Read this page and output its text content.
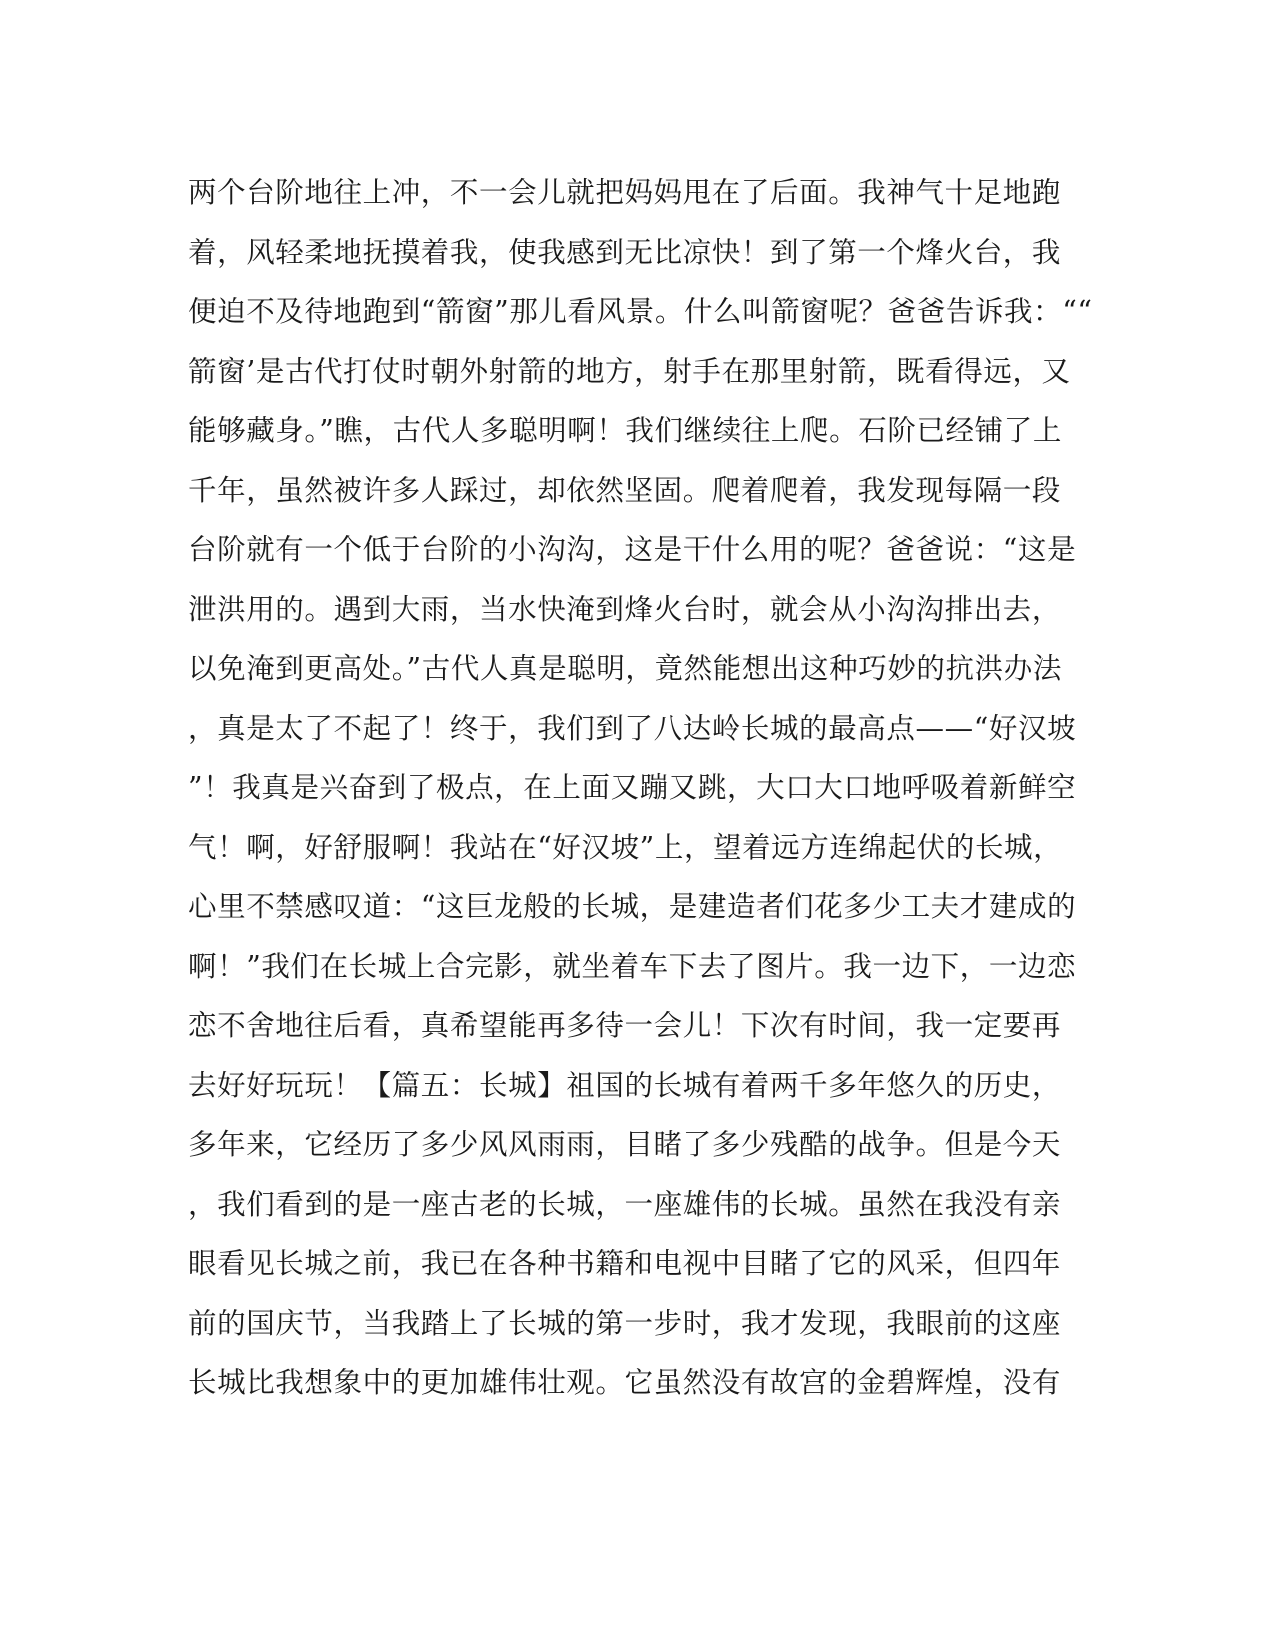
两个台阶地往上冲，不一会儿就把妈妈甩在了后面。我神气十足地跑
着，风轻柔地抚摸着我，使我感到无比凉快！到了第一个烽火台，我
便迫不及待地跑到“箭窗”那儿看风景。什么叫箭窗呢？爸爸告诉我：““
箭窗’是古代打仗时朝外射箭的地方，射手在那里射箭，既看得远，又
能够藏身。”瞧，古代人多聪明啊！我们继续往上爬。石阶已经铺了上
千年，虽然被许多人踩过，却依然坚固。爬着爬着，我发现每隔一段
台阶就有一个低于台阶的小沟沟，这是干什么用的呢？爸爸说：“这是
泄洪用的。遇到大雨，当水快淹到烽火台时，就会从小沟沟排出去，
以免淹到更高处。”古代人真是聪明，竟然能想出这种巧妙的抗洪办法
，真是太了不起了！终于，我们到了八达岭长城的最高点——“好汉坡
”！我真是兴奋到了极点，在上面又蹦又跳，大口大口地呼吸着新鲜空
气！啊，好舒服啊！我站在“好汉坡”上，望着远方连绵起伏的长城，
心里不禁感叹道：“这巨龙般的长城，是建造者们花多少工夫才建成的
啊！”我们在长城上合完影，就坐着车下去了图片。我一边下，一边恋
恋不舍地往后看，真希望能再多待一会儿！下次有时间，我一定要再
去好好玩玩！【篇五：长城】祖国的长城有着两千多年悠久的历史，
多年来，它经历了多少风风雨雨，目睹了多少残酷的战争。但是今天
，我们看到的是一座古老的长城，一座雄伟的长城。虽然在我没有亲
眼看见长城之前，我已在各种书籍和电视中目睹了它的风采，但四年
前的国庆节，当我踏上了长城的第一步时，我才发现，我眼前的这座
长城比我想象中的更加雄伟壮观。它虽然没有故宫的金碧辉煌，没有
